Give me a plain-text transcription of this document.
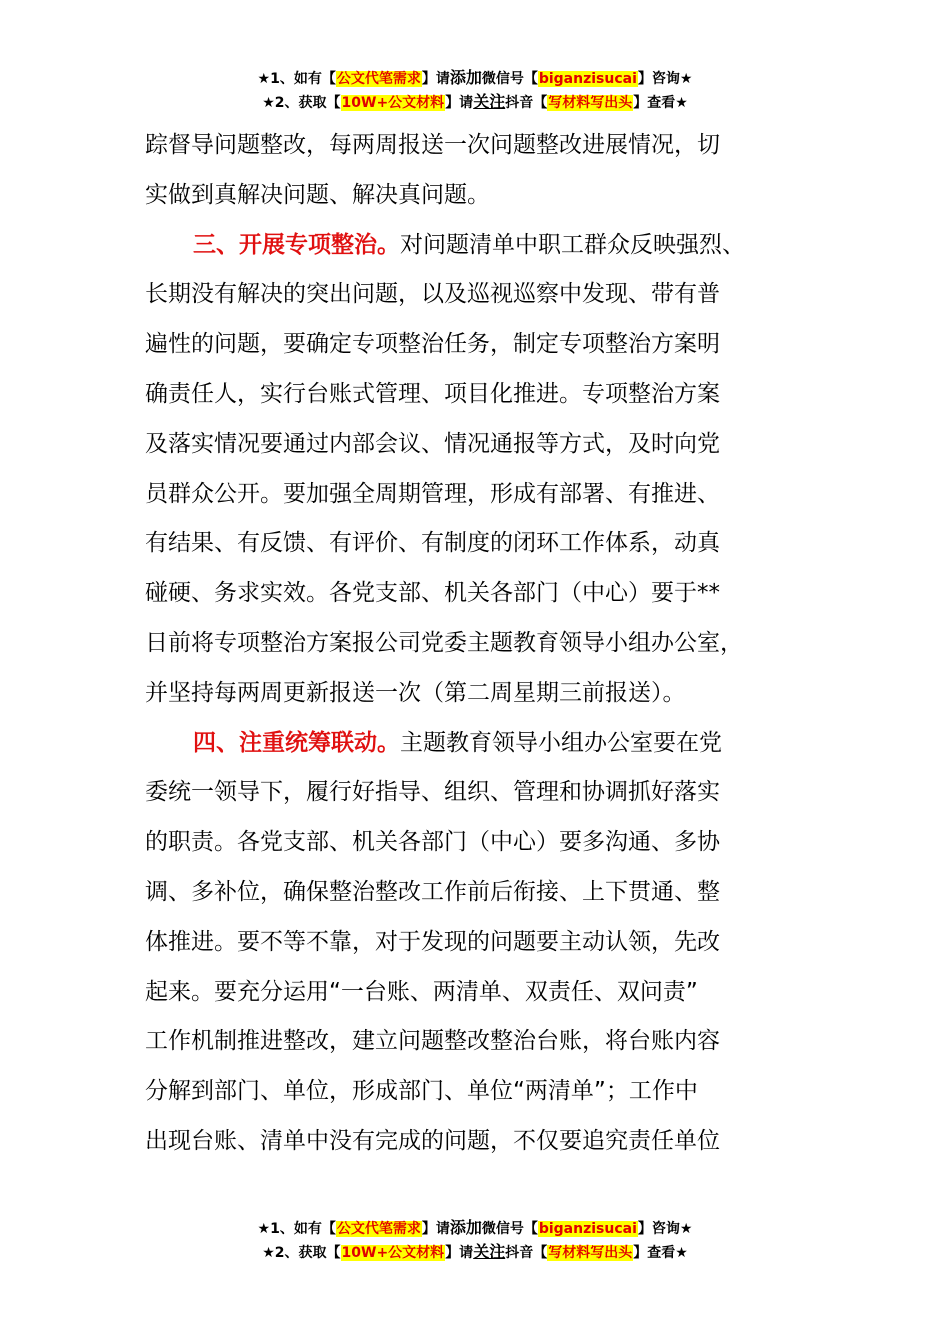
★1、如有【公文代笔需求】请添加微信号【biganzisucai】咨询★
★2、获取【10W+公文材料】请关注抖音【写材料写出头】查看★
踪督导问题整改，每两周报送一次问题整改进展情况，切
实做到真解决问题、解决真问题。
三、开展专项整治。对问题清单中职工群众反映强烈、
长期没有解决的突出问题，以及巡视巡察中发现、带有普
遍性的问题，要确定专项整治任务，制定专项整治方案明
确责任人，实行台账式管理、项目化推进。专项整治方案
及落实情况要通过内部会议、情况通报等方式，及时向党
员群众公开。要加强全周期管理，形成有部署、有推进、
有结果、有反馈、有评价、有制度的闭环工作体系，动真
碰硬、务求实效。各党支部、机关各部门（中心）要于**
日前将专项整治方案报公司党委主题教育领导小组办公室，
并坚持每两周更新报送一次（第二周星期三前报送）。
四、注重统筹联动。主题教育领导小组办公室要在党
委统一领导下，履行好指导、组织、管理和协调抓好落实
的职责。各党支部、机关各部门（中心）要多沟通、多协
调、多补位，确保整治整改工作前后衔接、上下贯通、整
体推进。要不等不靠，对于发现的问题要主动认领，先改
起来。要充分运用“一台账、两清单、双责任、双问责”
工作机制推进整改，建立问题整改整治台账，将台账内容
分解到部门、单位，形成部门、单位“两清单”；工作中
出现台账、清单中没有完成的问题，不仅要追究责任单位
★1、如有【公文代笔需求】请添加微信号【biganzisucai】咨询★
★2、获取【10W+公文材料】请关注抖音【写材料写出头】查看★
